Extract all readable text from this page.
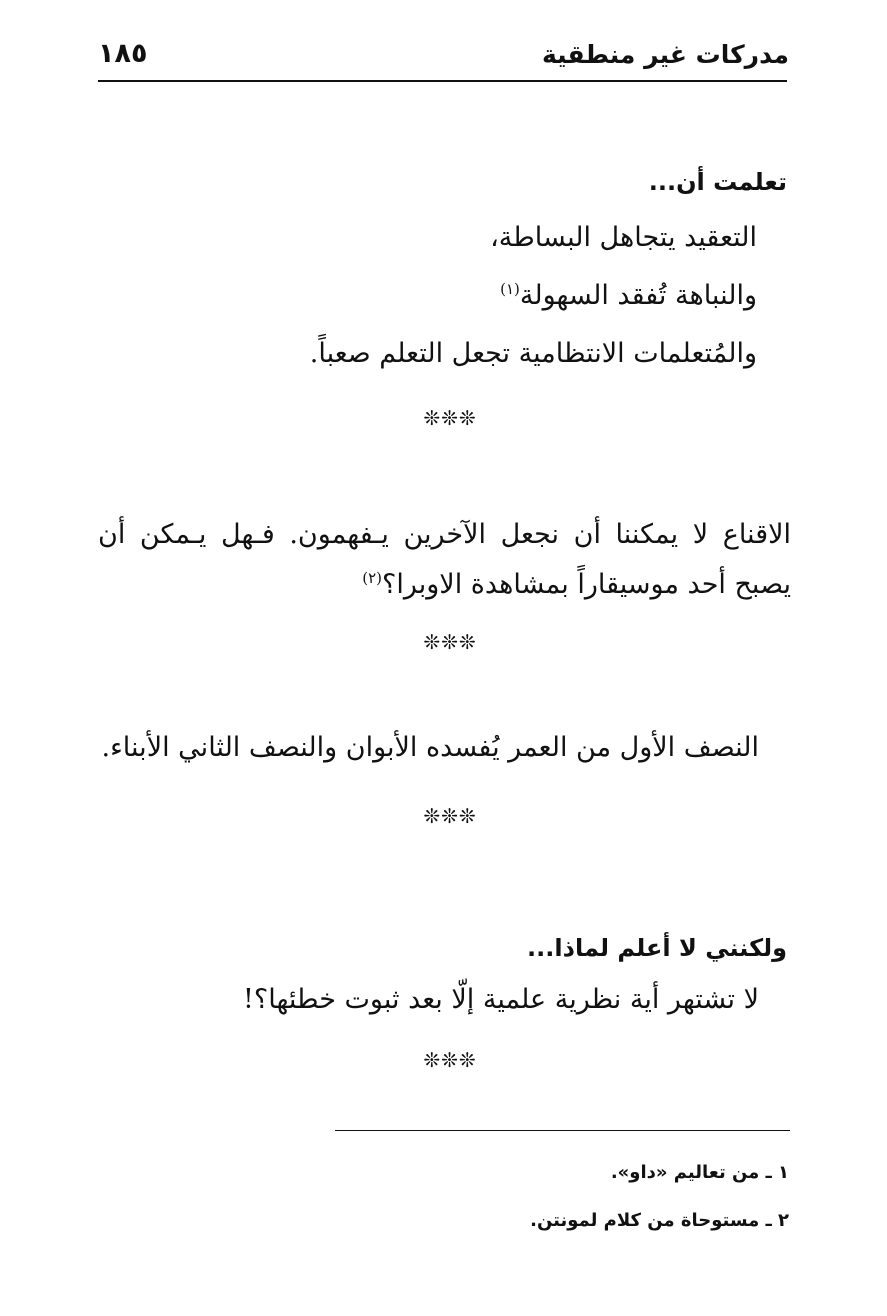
مدركات غير منطقية
١٨٥
تعلمت أن...
التعقيد يتجاهل البساطة،
والنباهة تُفقد السهولة$^{(١)}$
والمُتعلمات الانتظامية تجعل التعلم صعباً.
❊❊❊
الاقناع لا يمكننا أن نجعل الآخرين يـفهمون. فـهل يـمكن أن يصبح أحد موسيقاراً بمشاهدة الاوبرا؟$^{(٢)}$
❊❊❊
النصف الأول من العمر يُفسده الأبوان والنصف الثاني الأبناء.
❊❊❊
ولكنني لا أعلم لماذا...
لا تشتهر أية نظرية علمية إلّا بعد ثبوت خطئها؟!
❊❊❊
١ ـ من تعاليم «داو».
٢ ـ مستوحاة من كلام لمونتن.
